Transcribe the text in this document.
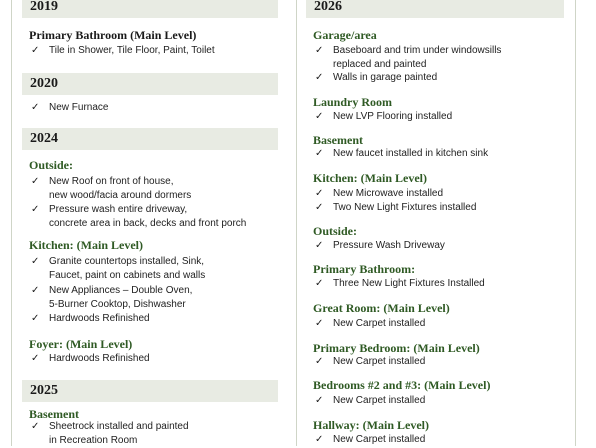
2019
Primary Bathroom (Main Level)
✓ Tile in Shower, Tile Floor, Paint, Toilet
2020
✓ New Furnace
2024
Outside:
✓ New Roof on front of house,
new wood/facia around dormers
✓ Pressure wash entire driveway,
concrete area in back, decks and front porch
Kitchen: (Main Level)
✓ Granite countertops installed, Sink,
Faucet, paint on cabinets and walls
✓ New Appliances – Double Oven,
5-Burner Cooktop, Dishwasher
✓ Hardwoods Refinished
Foyer: (Main Level)
✓ Hardwoods Refinished
2025
Basement
✓ Sheetrock installed and painted
in Recreation Room
2026
Garage/area
✓ Baseboard and trim under windowsills
replaced and painted
✓ Walls in garage painted
Laundry Room
✓ New LVP Flooring installed
Basement
✓ New faucet installed in kitchen sink
Kitchen: (Main Level)
✓ New Microwave installed
✓ Two New Light Fixtures installed
Outside:
✓ Pressure Wash Driveway
Primary Bathroom:
✓ Three New Light Fixtures Installed
Great Room: (Main Level)
✓ New Carpet installed
Primary Bedroom: (Main Level)
✓ New Carpet installed
Bedrooms #2 and #3: (Main Level)
✓ New Carpet installed
Hallway: (Main Level)
✓ New Carpet installed
